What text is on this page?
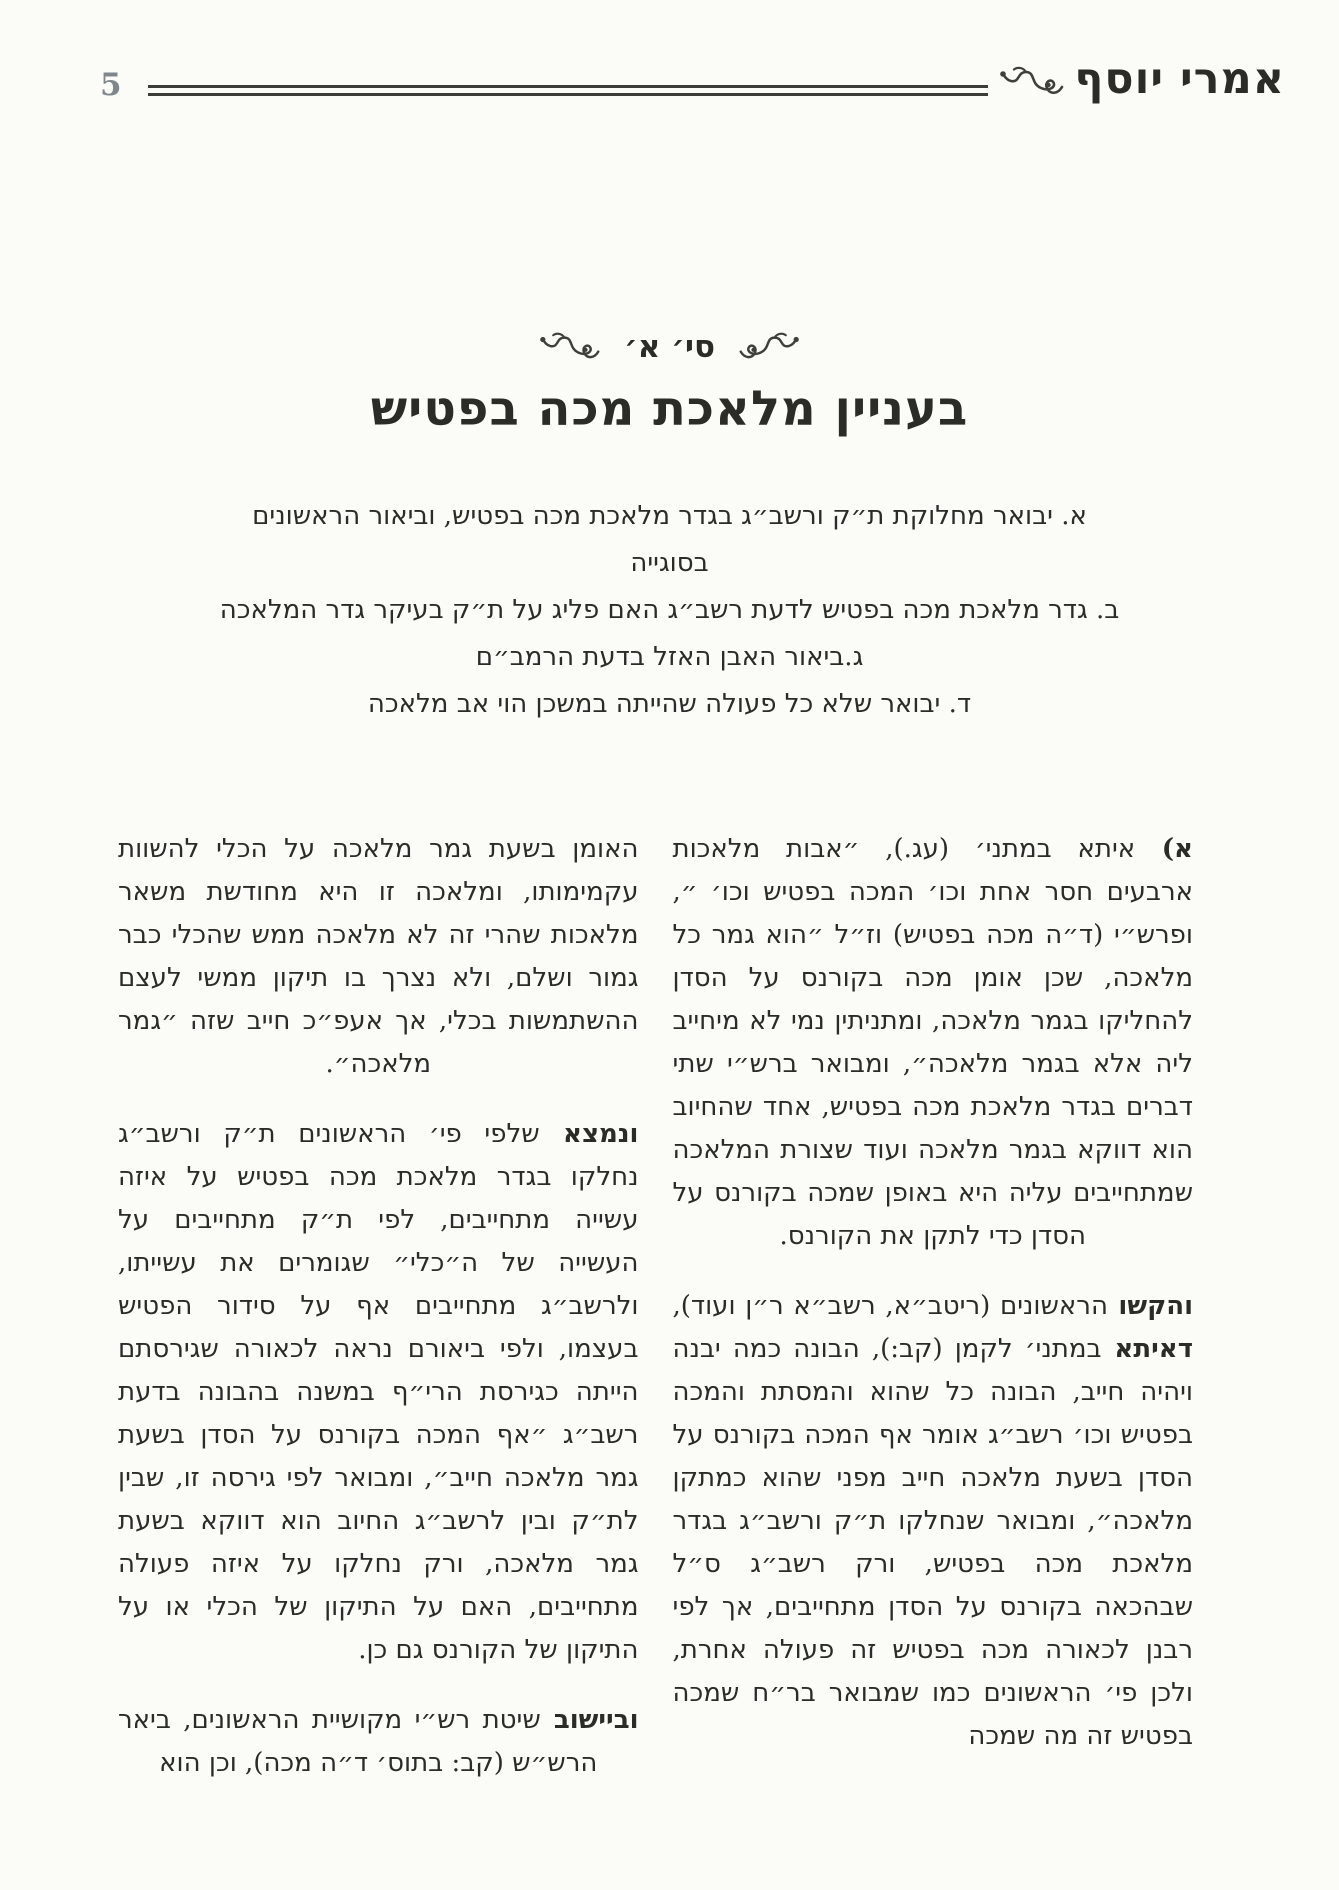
5	אמרי יוסף
סי׳ א׳
בעניין מלאכת מכה בפטיש
א. יבואר מחלוקת ת״ק ורשב״ג בגדר מלאכת מכה בפטיש, וביאור הראשונים
בסוגייה
ב. גדר מלאכת מכה בפטיש לדעת רשב״ג האם פליג על ת״ק בעיקר גדר המלאכה
ג.ביאור האבן האזל בדעת הרמב״ם
ד. יבואר שלא כל פעולה שהייתה במשכן הוי אב מלאכה

א) איתא במתני׳ (עג.), ״אבות מלאכות ארבעים חסר אחת וכו׳ המכה בפטיש וכו׳ ״, ופרש״י (ד״ה מכה בפטיש) וז״ל ״הוא גמר כל מלאכה, שכן אומן מכה בקורנס על הסדן להחליקו בגמר מלאכה, ומתניתין נמי לא מיחייב ליה אלא בגמר מלאכה״, ומבואר ברש״י שתי דברים בגדר מלאכת מכה בפטיש, אחד שהחיוב הוא דווקא בגמר מלאכה ועוד שצורת המלאכה שמתחייבים עליה היא באופן שמכה בקורנס על הסדן כדי לתקן את הקורנס.

והקשו הראשונים (ריטב״א, רשב״א ר״ן ועוד), דאיתא במתני׳ לקמן (קב:), הבונה כמה יבנה ויהיה חייב, הבונה כל שהוא והמסתת והמכה בפטיש וכו׳ רשב״ג אומר אף המכה בקורנס על הסדן בשעת מלאכה חייב מפני שהוא כמתקן מלאכה״, ומבואר שנחלקו ת״ק ורשב״ג בגדר מלאכת מכה בפטיש, ורק רשב״ג ס״ל שבהכאה בקורנס על הסדן מתחייבים, אך לפי רבנן לכאורה מכה בפטיש זה פעולה אחרת, ולכן פי׳ הראשונים כמו שמבואר בר״ח שמכה בפטיש זה מה שמכה

האומן בשעת גמר מלאכה על הכלי להשוות עקמימותו, ומלאכה זו היא מחודשת משאר מלאכות שהרי זה לא מלאכה ממש שהכלי כבר גמור ושלם, ולא נצרך בו תיקון ממשי לעצם ההשתמשות בכלי, אך אעפ״כ חייב שזה ״גמר מלאכה״.

ונמצא שלפי פי׳ הראשונים ת״ק ורשב״ג נחלקו בגדר מלאכת מכה בפטיש על איזה עשייה מתחייבים, לפי ת״ק מתחייבים על העשייה של ה״כלי״ שגומרים את עשייתו, ולרשב״ג מתחייבים אף על סידור הפטיש בעצמו, ולפי ביאורם נראה לכאורה שגירסתם הייתה כגירסת הרי״ף במשנה בהבונה בדעת רשב״ג ״אף המכה בקורנס על הסדן בשעת גמר מלאכה חייב״, ומבואר לפי גירסה זו, שבין לת״ק ובין לרשב״ג החיוב הוא דווקא בשעת גמר מלאכה, ורק נחלקו על איזה פעולה מתחייבים, האם על התיקון של הכלי או על התיקון של הקורנס גם כן.

וביישוב שיטת רש״י מקושיית הראשונים, ביאר הרש״ש (קב: בתוס׳ ד״ה מכה), וכן הוא
